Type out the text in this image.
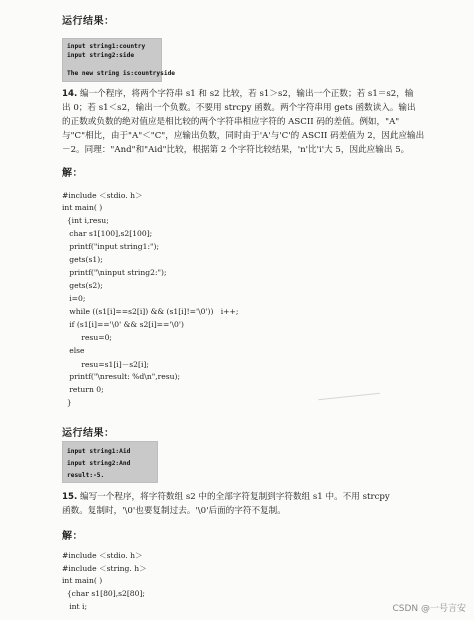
运行结果：
input string1:country
input string2:side
The new string is:countryside
14. 编一个程序，将两个字符串 s1 和 s2 比较，若 s1＞s2，输出一个正数；若 s1＝s2，输
出 0；若 s1＜s2，输出一个负数。不要用 strcpy 函数。两个字符串用 gets 函数读入。输出
的正数或负数的绝对值应是相比较的两个字符串相应字符的 ASCII 码的差值。例如，"A"
与"C"相比，由于"A"＜"C"，应输出负数，同时由于'A'与'C'的 ASCII 码差值为 2，因此应输出
－2。同理："And"和"Aid"比较，根据第 2 个字符比较结果，'n'比'i'大 5，因此应输出 5。
解：
#include ＜stdio. h＞
int main( )
{int i,resu;
char s1[100],s2[100];
printf("input string1:");
gets(s1);
printf("\ninput string2:");
gets(s2);
i=0;
while ((s1[i]==s2[i]) && (s1[i]!='\0'))   i++;
if (s1[i]=='\0' && s2[i]=='\0')
resu=0;
else
resu=s1[i]－s2[i];
printf("\nresult: %d\n",resu);
return 0;
}
运行结果：
input string1:Aid
input string2:And
result:-5.
15. 编写一个程序，将字符数组 s2 中的全部字符复制到字符数组 s1 中。不用 strcpy
函数。复制时，'\0'也要复制过去。'\0'后面的字符不复制。
解：
#include ＜stdio. h＞
#include ＜string. h＞
int main( )
{char s1[80],s2[80];
int i;	CSDN @一号言安
